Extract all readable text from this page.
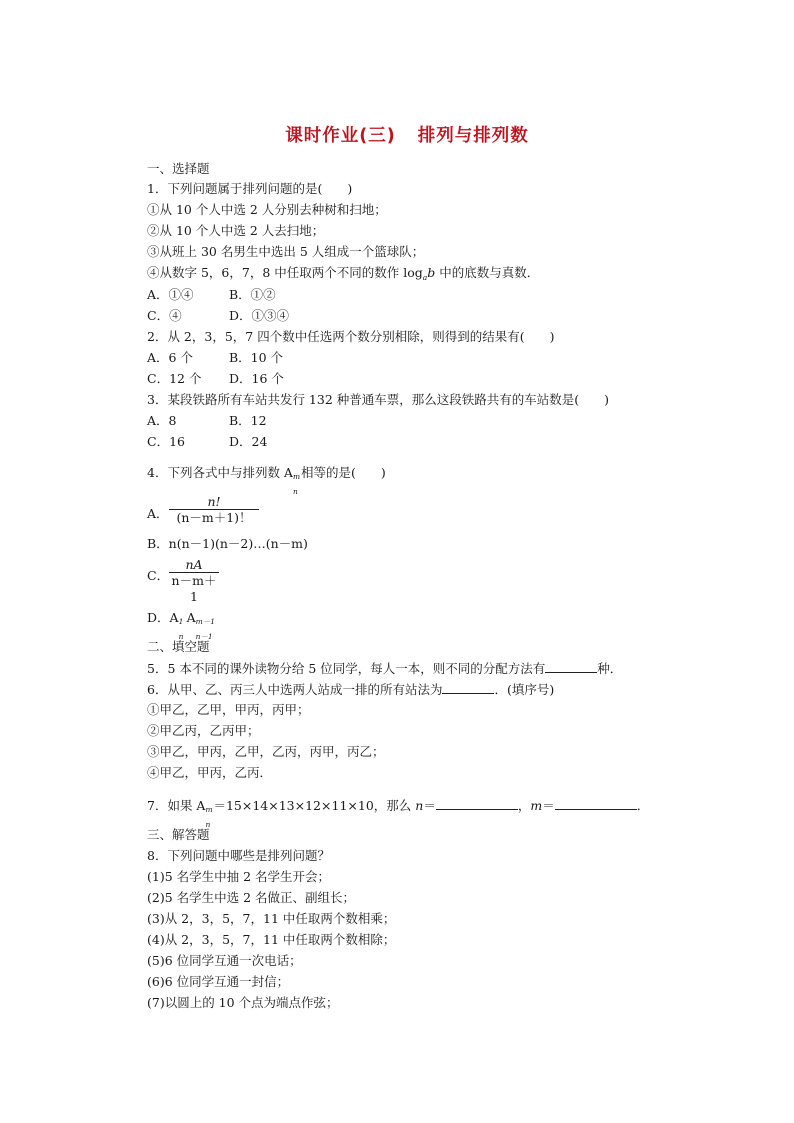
课时作业(三) 排列与排列数
一、选择题
1．下列问题属于排列问题的是(　　)
①从 10 个人中选 2 人分别去种树和扫地；
②从 10 个人中选 2 人去扫地；
③从班上 30 名男生中选出 5 人组成一个篮球队；
④从数字 5，6，7，8 中任取两个不同的数作 $\log_ab$ 中的底数与真数．
A．①④	B．①②
C．④	D．①③④
2．从 2，3，5，7 四个数中任选两个数分别相除，则得到的结果有(　　)
A．6 个	B．10 个
C．12 个 D．16 个
3．某段铁路所有车站共发行 132 种普通车票，那么这段铁路共有的车站数是(　　)
A．8	B．12
C．16	D．24
4．下列各式中与排列数 A m
n
相等的是(　　)
A．
n!
(n－m＋1)！
B．n(n－1)(n－2)…(n－m)
C．
nA
n－m＋1
D．A 1
n
A m－1
n－1
二、填空题
5．5 本不同的课外读物分给 5 位同学，每人一本，则不同的分配方法有	种．
6．从甲、乙、丙三人中选两人站成一排的所有站法为	．(填序号)
①甲乙，乙甲，甲丙，丙甲；
②甲乙丙，乙丙甲；
③甲乙，甲丙，乙甲，乙丙，丙甲，丙乙；
④甲乙，甲丙，乙丙．
7．如果 A m
n
＝15×14×13×12×11×10，那么 n＝	，m＝	．
三、解答题
8．下列问题中哪些是排列问题？
(1)5 名学生中抽 2 名学生开会；
(2)5 名学生中选 2 名做正、副组长；
(3)从 2，3，5，7，11 中任取两个数相乘；
(4)从 2，3，5，7，11 中任取两个数相除；
(5)6 位同学互通一次电话；
(6)6 位同学互通一封信；
(7)以圆上的 10 个点为端点作弦；
